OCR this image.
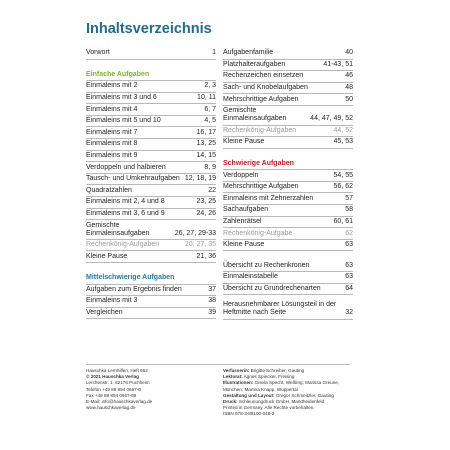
Inhaltsverzeichnis
Vorwort	1
Einfache Aufgaben
Einmaleins mit 2	2, 3
Einmaleins mit 3 und 6	10, 11
Einmaleins mit 4	6, 7
Einmaleins mit 5 und 10	4, 5
Einmaleins mit 7	16, 17
Einmaleins mit 8	13, 25
Einmaleins mit 9	14, 15
Verdoppeln und halbieren	8, 9
Tausch- und Umkehraufgaben 12, 18, 19
Quadratzahlen	22
Einmaleins mit 2, 4 und 8	23, 25
Einmaleins mit 3, 6 und 9	24, 26
Gemischte Einmaleinsaufgaben	26, 27, 29-33
Rechenkönig-Aufgaben	20, 27, 35
Kleine Pause	21, 36
Mittelschwierige Aufgaben
Aufgaben zum Ergebnis finden	37
Einmaleins mit 3	38
Vergleichen	39
Aufgabenfamilie	40
Platzhalteraufgaben	41-43, 51
Rechenzeichen einsetzen	46
Sach- und Knobelaufgaben	48
Mehrschrittige Aufgaben	50
Gemischte Einmaleinsaufgaben	44, 47, 49, 52
Rechenkönig-Aufgaben	44, 52
Kleine Pause	45, 53
Schwierige Aufgaben
Verdoppeln	54, 55
Mehrschrittige Aufgaben	56, 62
Einmaleins mit Zehnerzahlen	57
Sachaufgaben	58
Zahlenrätsel	60, 61
Rechenkönig-Aufgabe	62
Kleine Pause	63
Übersicht zu Rechenkronen	63
Einmaleinstabelle	63
Übersicht zu Grundrechenarten	64
Herausnehmbarer Lösungsteil in der Heftmitte nach Seite	32
Hauschka Lernhilfen, Heft 652
© 2021 Hauschka Verlag
Lerchenstr. 1, 82176 Puchheim
Telefon +49 89 894 0667-0
Fax +49 89 894 0667-69
E-Mail: info@hauschkaverlag.de
www.hauschkaverlag.de
Verfasserin: Brigitte Schreiber, Gauting
Lektorat: Agnes Spiecker, Freising
Illustrationen: Gisela Specht, Weßling; Marissa Greune,
München; Martina Knapp, Wuppertal
Gestaltung und Layout: Gregor Schmeitzler, Gauting
Druck: Schleunungdruck GmbH, Marktheidenfeld
Printed in Germany. Alle Rechte vorbehalten.
ISBN 978-3-88100-048-2
